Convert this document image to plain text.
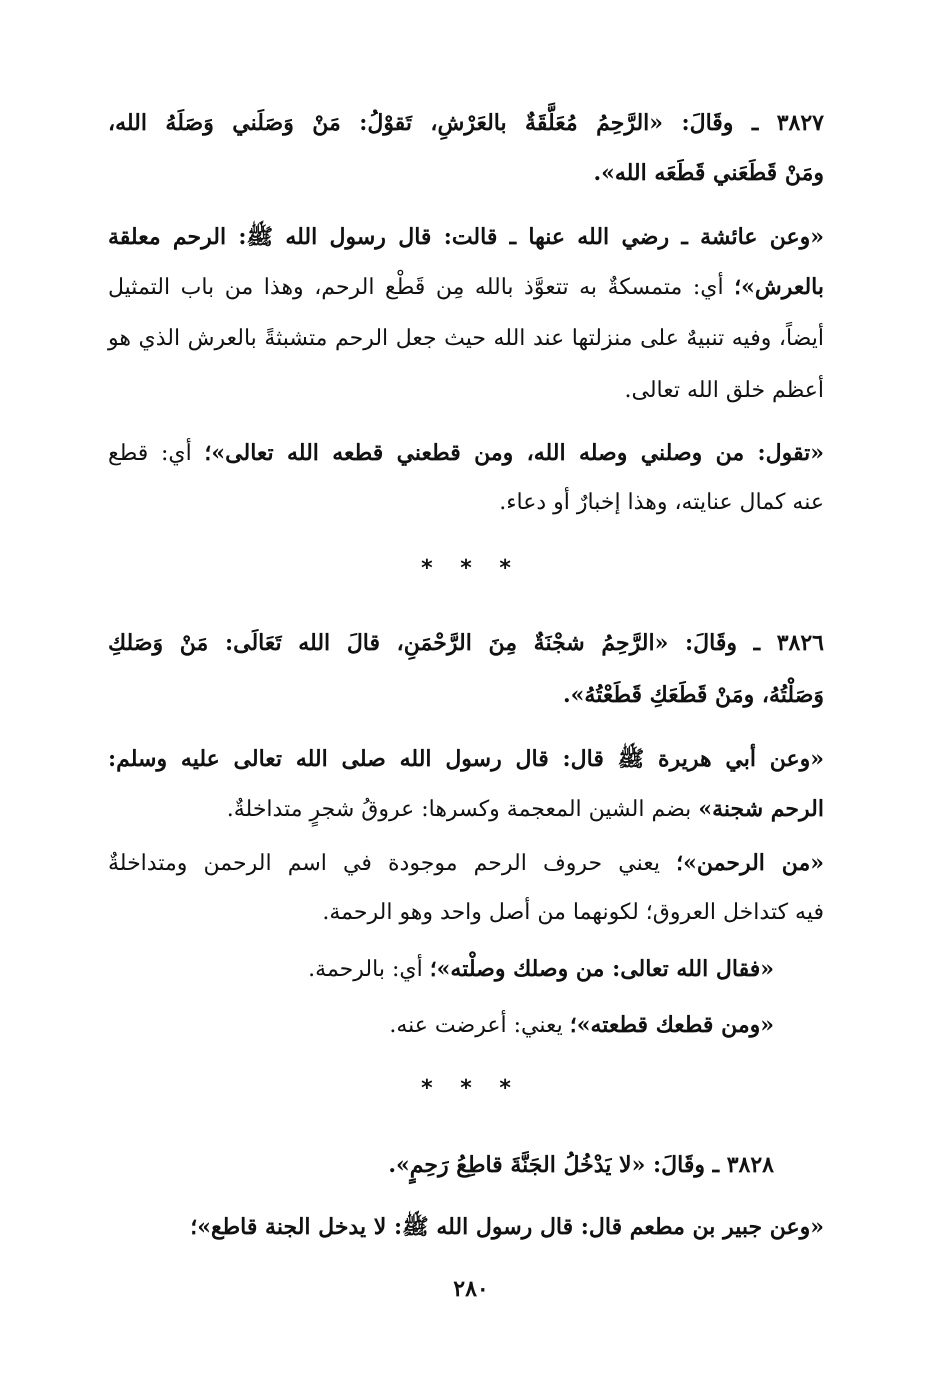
٣٨٢٧ ـ وقَالَ: «الرَّحِمُ مُعَلَّقَةٌ بالعَرْشِ، تَقوْلُ: مَنْ وَصَلَني وَصَلَهُ الله،
ومَنْ قَطَعَني قَطَعَه الله».
«وعن عائشة ـ رضي الله عنها ـ قالت: قال رسول الله ﷺ: الرحم معلقة
بالعرش»؛ أي: متمسكةٌ به تتعوَّذ بالله مِن قَطْع الرحم، وهذا من باب التمثيل
أيضاً، وفيه تنبيهٌ على منزلتها عند الله حيث جعل الرحم متشبثةً بالعرش الذي هو
أعظم خلق الله تعالى.
«تقول: من وصلني وصله الله، ومن قطعني قطعه الله تعالى»؛ أي: قطع
عنه كمال عنايته، وهذا إخبارٌ أو دعاء.
* * *
٣٨٢٦ ـ وقَالَ: «الرَّحِمُ شجْنَةٌ مِنَ الرَّحْمَنِ، قالَ الله تَعَالَى: مَنْ وَصَلكِ
وَصَلْتُهُ، ومَنْ قَطَعَكِ قَطَعْتُهُ».
«وعن أبي هريرة ﷺ قال: قال رسول الله صلى الله تعالى عليه وسلم:
الرحم شجنة» بضم الشين المعجمة وكسرها: عروقُ شجرٍ متداخلةٌ.
«من الرحمن»؛ يعني حروف الرحم موجودة في اسم الرحمن ومتداخلةٌ
فيه كتداخل العروق؛ لكونهما من أصل واحد وهو الرحمة.
«فقال الله تعالى: من وصلك وصلْته»؛ أي: بالرحمة.
«ومن قطعك قطعته»؛ يعني: أعرضت عنه.
* * *
٣٨٢٨ ـ وقَالَ: «لا يَدْخُلُ الجَنَّةَ قاطِعُ رَحِمٍ».
«وعن جبير بن مطعم قال: قال رسول الله ﷺ: لا يدخل الجنة قاطع»؛
٢٨٠
